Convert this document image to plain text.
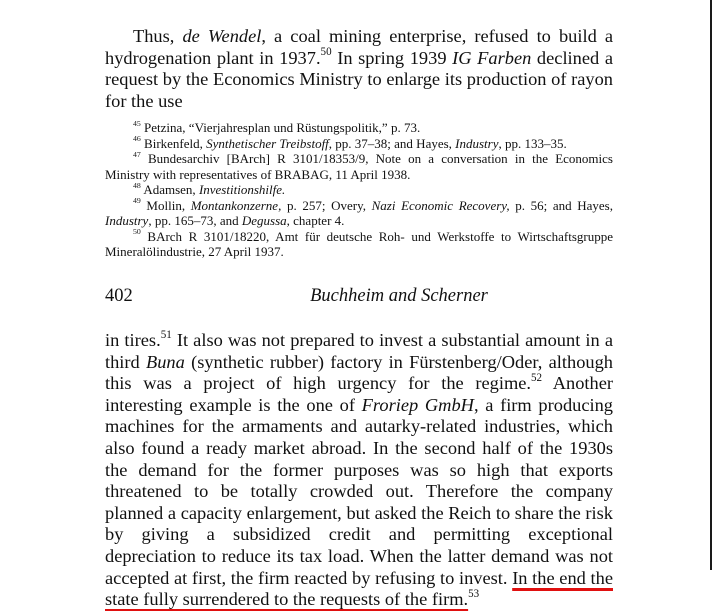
Thus, de Wendel, a coal mining enterprise, refused to build a hydrogenation plant in 1937.50 In spring 1939 IG Farben declined a request by the Economics Ministry to enlarge its production of rayon for the use

$^{45}$ Petzina, “Vierjahresplan und Rüstungspolitik,” p. 73.

$^{46}$ Birkenfeld, Synthetischer Treibstoff, pp. 37–38; and Hayes, Industry, pp. 133–35.

$^{47}$ Bundesarchiv [BArch] R 3101/18353/9, Note on a conversation in the Economics Ministry with representatives of BRABAG, 11 April 1938.

$^{48}$ Adamsen, Investitionshilfe.

$^{49}$ Mollin, Montankonzerne, p. 257; Overy, Nazi Economic Recovery, p. 56; and Hayes, Industry, pp. 165–73, and Degussa, chapter 4.

$^{50}$ BArch R 3101/18220, Amt für deutsche Roh- und Werkstoffe to Wirtschaftsgruppe Mineralölindustrie, 27 April 1937.

402	Buchheim and Scherner

in tires.$^{51}$ It also was not prepared to invest a substantial amount in a third Buna (synthetic rubber) factory in Fürstenberg/Oder, although this was a project of high urgency for the regime.$^{52}$ Another interesting example is the one of Froriep GmbH, a firm producing machines for the armaments and autarky-related industries, which also found a ready market abroad. In the second half of the 1930s the demand for the former purposes was so high that exports threatened to be totally crowded out. Therefore the company planned a capacity enlargement, but asked the Reich to share the risk by giving a subsidized credit and permitting exceptional depreciation to reduce its tax load. When the latter demand was not accepted at first, the firm reacted by refusing to invest. In the end the state fully surrendered to the requests of the firm.$^{53}$
